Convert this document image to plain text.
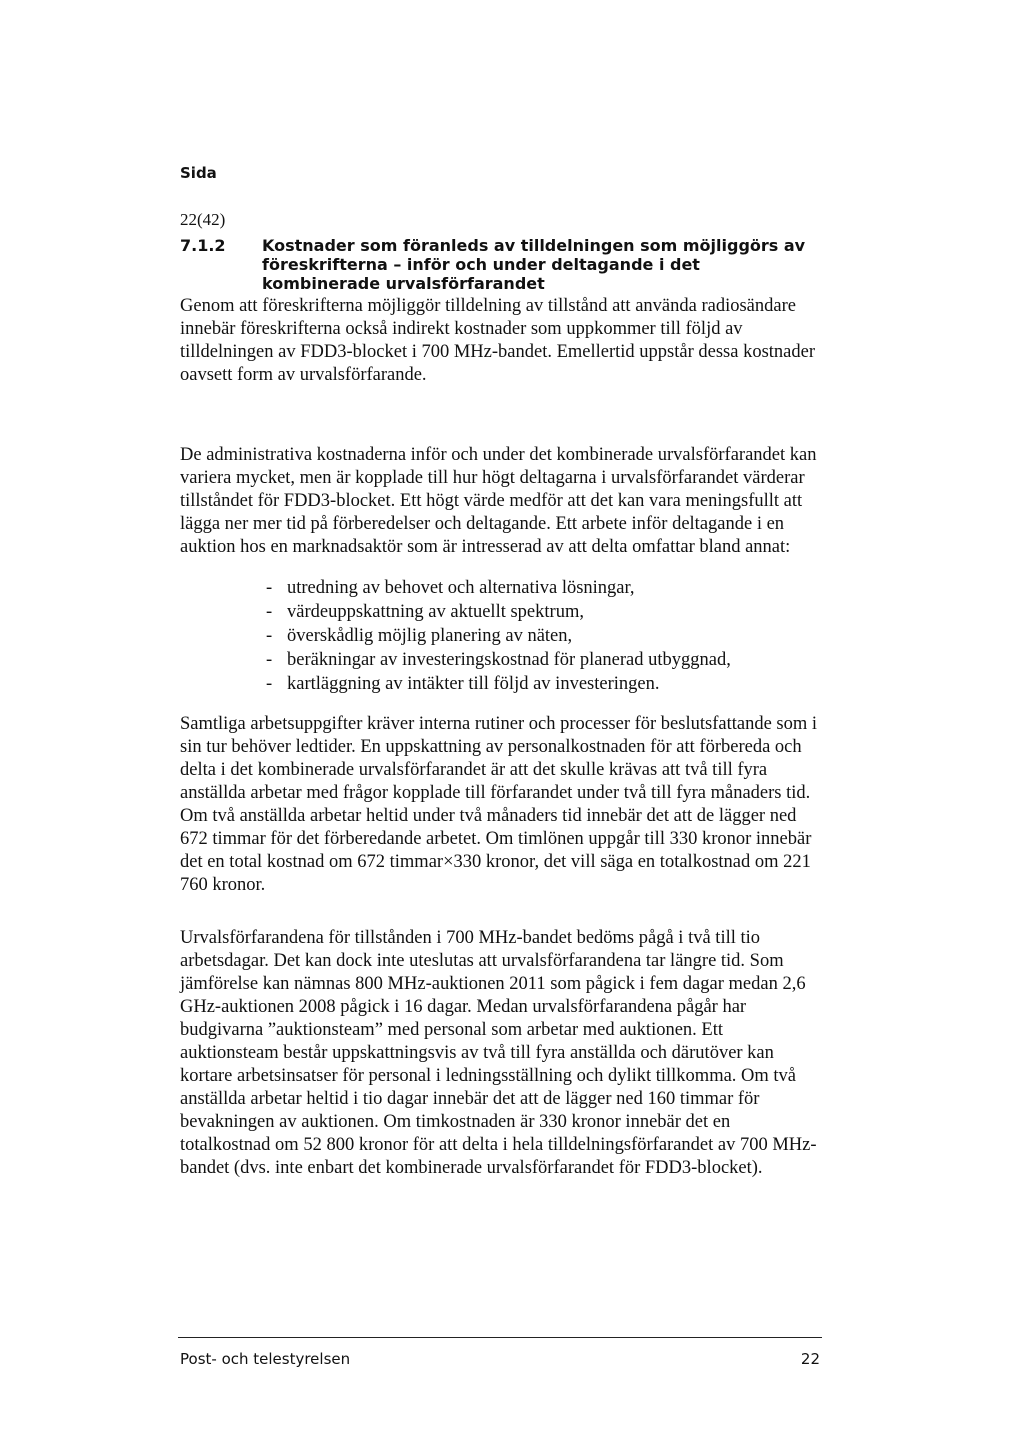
Sida
22(42)
7.1.2 Kostnader som föranleds av tilldelningen som möjliggörs av föreskrifterna – inför och under deltagande i det kombinerade urvalsförfarandet

Genom att föreskrifterna möjliggör tilldelning av tillstånd att använda radiosändare innebär föreskrifterna också indirekt kostnader som uppkommer till följd av tilldelningen av FDD3-blocket i 700 MHz-bandet. Emellertid uppstår dessa kostnader oavsett form av urvalsförfarande.

De administrativa kostnaderna inför och under det kombinerade urvalsförfarandet kan variera mycket, men är kopplade till hur högt deltagarna i urvalsförfarandet värderar tillståndet för FDD3-blocket. Ett högt värde medför att det kan vara meningsfullt att lägga ner mer tid på förberedelser och deltagande. Ett arbete inför deltagande i en auktion hos en marknadsaktör som är intresserad av att delta omfattar bland annat:

- utredning av behovet och alternativa lösningar,
- värdeuppskattning av aktuellt spektrum,
- överskådlig möjlig planering av näten,
- beräkningar av investeringskostnad för planerad utbyggnad,
- kartläggning av intäkter till följd av investeringen.

Samtliga arbetsuppgifter kräver interna rutiner och processer för beslutsfattande som i sin tur behöver ledtider. En uppskattning av personalkostnaden för att förbereda och delta i det kombinerade urvalsförfarandet är att det skulle krävas att två till fyra anställda arbetar med frågor kopplade till förfarandet under två till fyra månaders tid. Om två anställda arbetar heltid under två månaders tid innebär det att de lägger ned 672 timmar för det förberedande arbetet. Om timlönen uppgår till 330 kronor innebär det en total kostnad om 672 timmar×330 kronor, det vill säga en totalkostnad om 221 760 kronor.

Urvalsförfarandena för tillstånden i 700 MHz-bandet bedöms pågå i två till tio arbetsdagar. Det kan dock inte uteslutas att urvalsförfarandena tar längre tid. Som jämförelse kan nämnas 800 MHz-auktionen 2011 som pågick i fem dagar medan 2,6 GHz-auktionen 2008 pågick i 16 dagar. Medan urvalsförfarandena pågår har budgivarna ”auktionsteam” med personal som arbetar med auktionen. Ett auktionsteam består uppskattningsvis av två till fyra anställda och därutöver kan kortare arbetsinsatser för personal i ledningsställning och dylikt tillkomma. Om två anställda arbetar heltid i tio dagar innebär det att de lägger ned 160 timmar för bevakningen av auktionen. Om timkostnaden är 330 kronor innebär det en totalkostnad om 52 800 kronor för att delta i hela tilldelningsförfarandet av 700 MHz-bandet (dvs. inte enbart det kombinerade urvalsförfarandet för FDD3-blocket).

Post- och telestyrelsen	22
